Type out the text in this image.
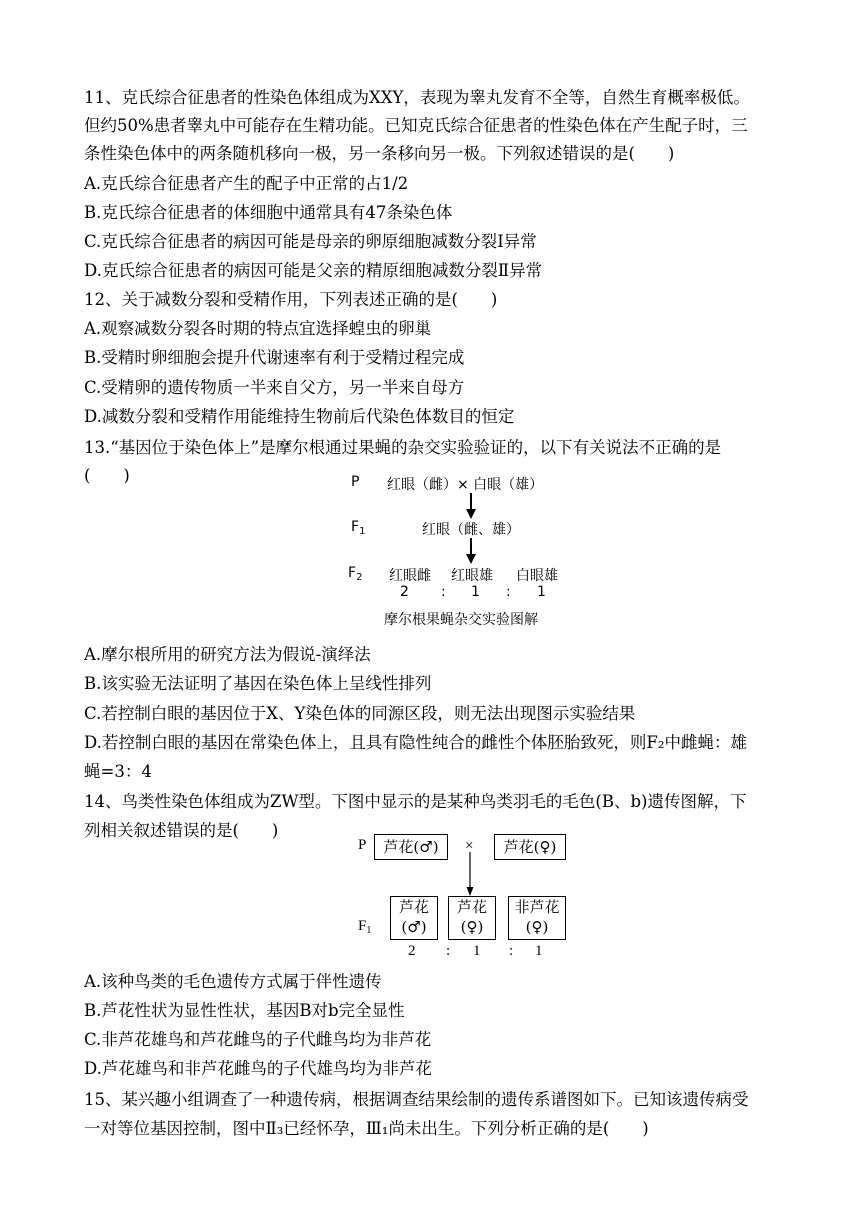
11、克氏综合征患者的性染色体组成为XXY，表现为睾丸发育不全等，自然生育概率极低。
但约50%患者睾丸中可能存在生精功能。已知克氏综合征患者的性染色体在产生配子时，三
条性染色体中的两条随机移向一极，另一条移向另一极。下列叙述错误的是(　　)
A.克氏综合征患者产生的配子中正常的占1/2
B.克氏综合征患者的体细胞中通常具有47条染色体
C.克氏综合征患者的病因可能是母亲的卵原细胞减数分裂Ⅰ异常
D.克氏综合征患者的病因可能是父亲的精原细胞减数分裂Ⅱ异常
12、关于减数分裂和受精作用，下列表述正确的是(　　)
A.观察减数分裂各时期的特点宜选择蝗虫的卵巢
B.受精时卵细胞会提升代谢速率有利于受精过程完成
C.受精卵的遗传物质一半来自父方，另一半来自母方
D.减数分裂和受精作用能维持生物前后代染色体数目的恒定
13.“基因位于染色体上”是摩尔根通过果蝇的杂交实验验证的，以下有关说法不正确的是
(　　)	P 红眼（雌）× 白眼（雄）
$F_1$	红眼（雌、雄）
$F_2$ 红眼雌 红眼雄 白眼雄
2 : 1 : 1
摩尔根果蝇杂交实验图解
A.摩尔根所用的研究方法为假说-演绎法
B.该实验无法证明了基因在染色体上呈线性排列
C.若控制白眼的基因位于X、Y染色体的同源区段，则无法出现图示实验结果
D.若控制白眼的基因在常染色体上，且具有隐性纯合的雌性个体胚胎致死，则F₂中雌蝇：雄
蝇=3：4
14、鸟类性染色体组成为ZW型。下图中显示的是某种鸟类羽毛的毛色(B、b)遗传图解，下
列相关叙述错误的是(　　)
P	芦花(♂)	×	芦花(♀)
$F_1$
芦花
(♂)
芦花
(♀)
非芦花
(♀)
2 : 1 : 1
A.该种鸟类的毛色遗传方式属于伴性遗传
B.芦花性状为显性性状，基因B对b完全显性
C.非芦花雄鸟和芦花雌鸟的子代雌鸟均为非芦花
D.芦花雄鸟和非芦花雌鸟的子代雄鸟均为非芦花
15、某兴趣小组调查了一种遗传病，根据调查结果绘制的遗传系谱图如下。已知该遗传病受
一对等位基因控制，图中Ⅱ₃已经怀孕，Ⅲ₁尚未出生。下列分析正确的是(　　)
